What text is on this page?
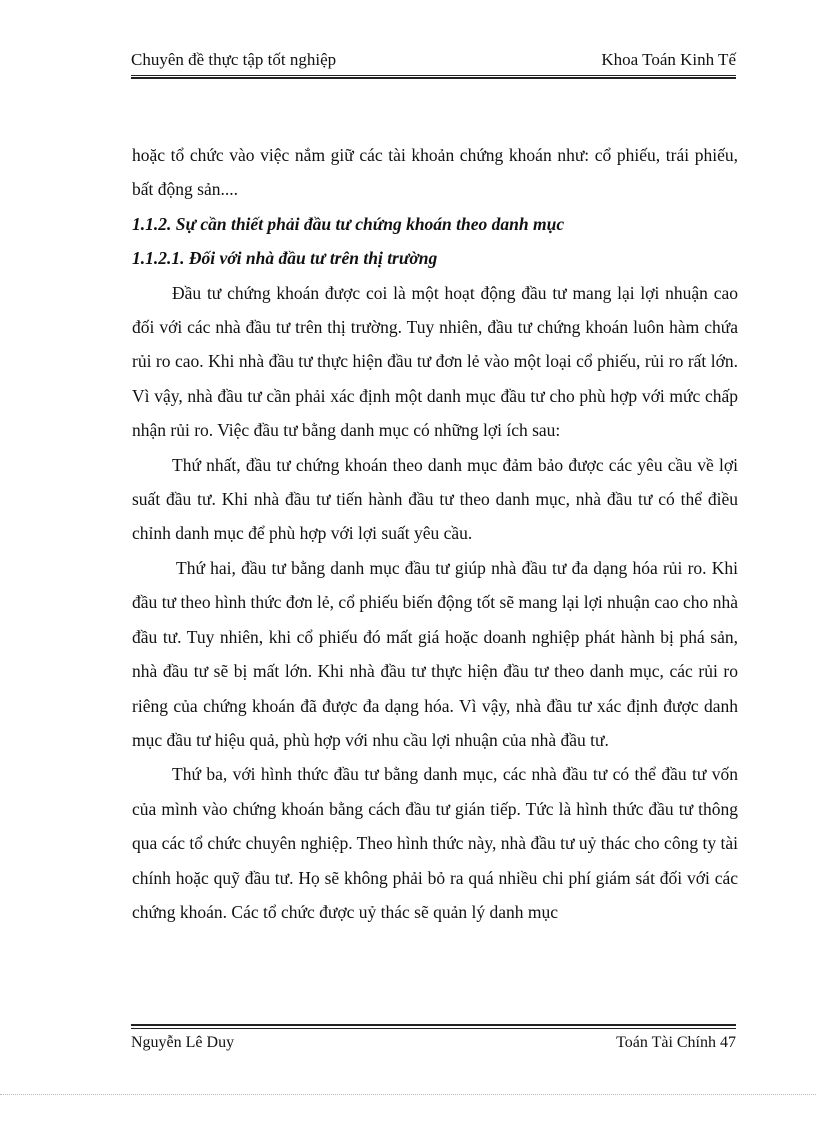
Chuyên đề thực tập tốt nghiệp	Khoa Toán Kinh Tế

hoặc tổ chức vào việc nắm giữ các tài khoản chứng khoán như: cổ phiếu, trái phiếu, bất động sản....

1.1.2. Sự cần thiết phải đầu tư chứng khoán theo danh mục

1.1.2.1. Đối với nhà đầu tư trên thị trường

Đầu tư chứng khoán được coi là một hoạt động đầu tư mang lại lợi nhuận cao đối với các nhà đầu tư trên thị trường. Tuy nhiên, đầu tư chứng khoán luôn hàm chứa rủi ro cao. Khi nhà đầu tư thực hiện đầu tư đơn lẻ vào một loại cổ phiếu, rủi ro rất lớn. Vì vậy, nhà đầu tư cần phải xác định một danh mục đầu tư cho phù hợp với mức chấp nhận rủi ro. Việc đầu tư bằng danh mục có những lợi ích sau:

Thứ nhất, đầu tư chứng khoán theo danh mục đảm bảo được các yêu cầu về lợi suất đầu tư. Khi nhà đầu tư tiến hành đầu tư theo danh mục, nhà đầu tư có thể điều chỉnh danh mục để phù hợp với lợi suất yêu cầu.

Thứ hai, đầu tư bằng danh mục đầu tư giúp nhà đầu tư đa dạng hóa rủi ro. Khi đầu tư theo hình thức đơn lẻ, cổ phiếu biến động tốt sẽ mang lại lợi nhuận cao cho nhà đầu tư. Tuy nhiên, khi cổ phiếu đó mất giá hoặc doanh nghiệp phát hành bị phá sản, nhà đầu tư sẽ bị mất lớn. Khi nhà đầu tư thực hiện đầu tư theo danh mục, các rủi ro riêng của chứng khoán đã được đa dạng hóa. Vì vậy, nhà đầu tư xác định được danh mục đầu tư hiệu quả, phù hợp với nhu cầu lợi nhuận của nhà đầu tư.

Thứ ba, với hình thức đầu tư bằng danh mục, các nhà đầu tư có thể đầu tư vốn của mình vào chứng khoán bằng cách đầu tư gián tiếp. Tức là hình thức đầu tư thông qua các tổ chức chuyên nghiệp. Theo hình thức này, nhà đầu tư uỷ thác cho công ty tài chính hoặc quỹ đầu tư. Họ sẽ không phải bỏ ra quá nhiều chi phí giám sát đối với các chứng khoán. Các tổ chức được uỷ thác sẽ quản lý danh mục

Nguyễn Lê Duy	Toán Tài Chính 47
